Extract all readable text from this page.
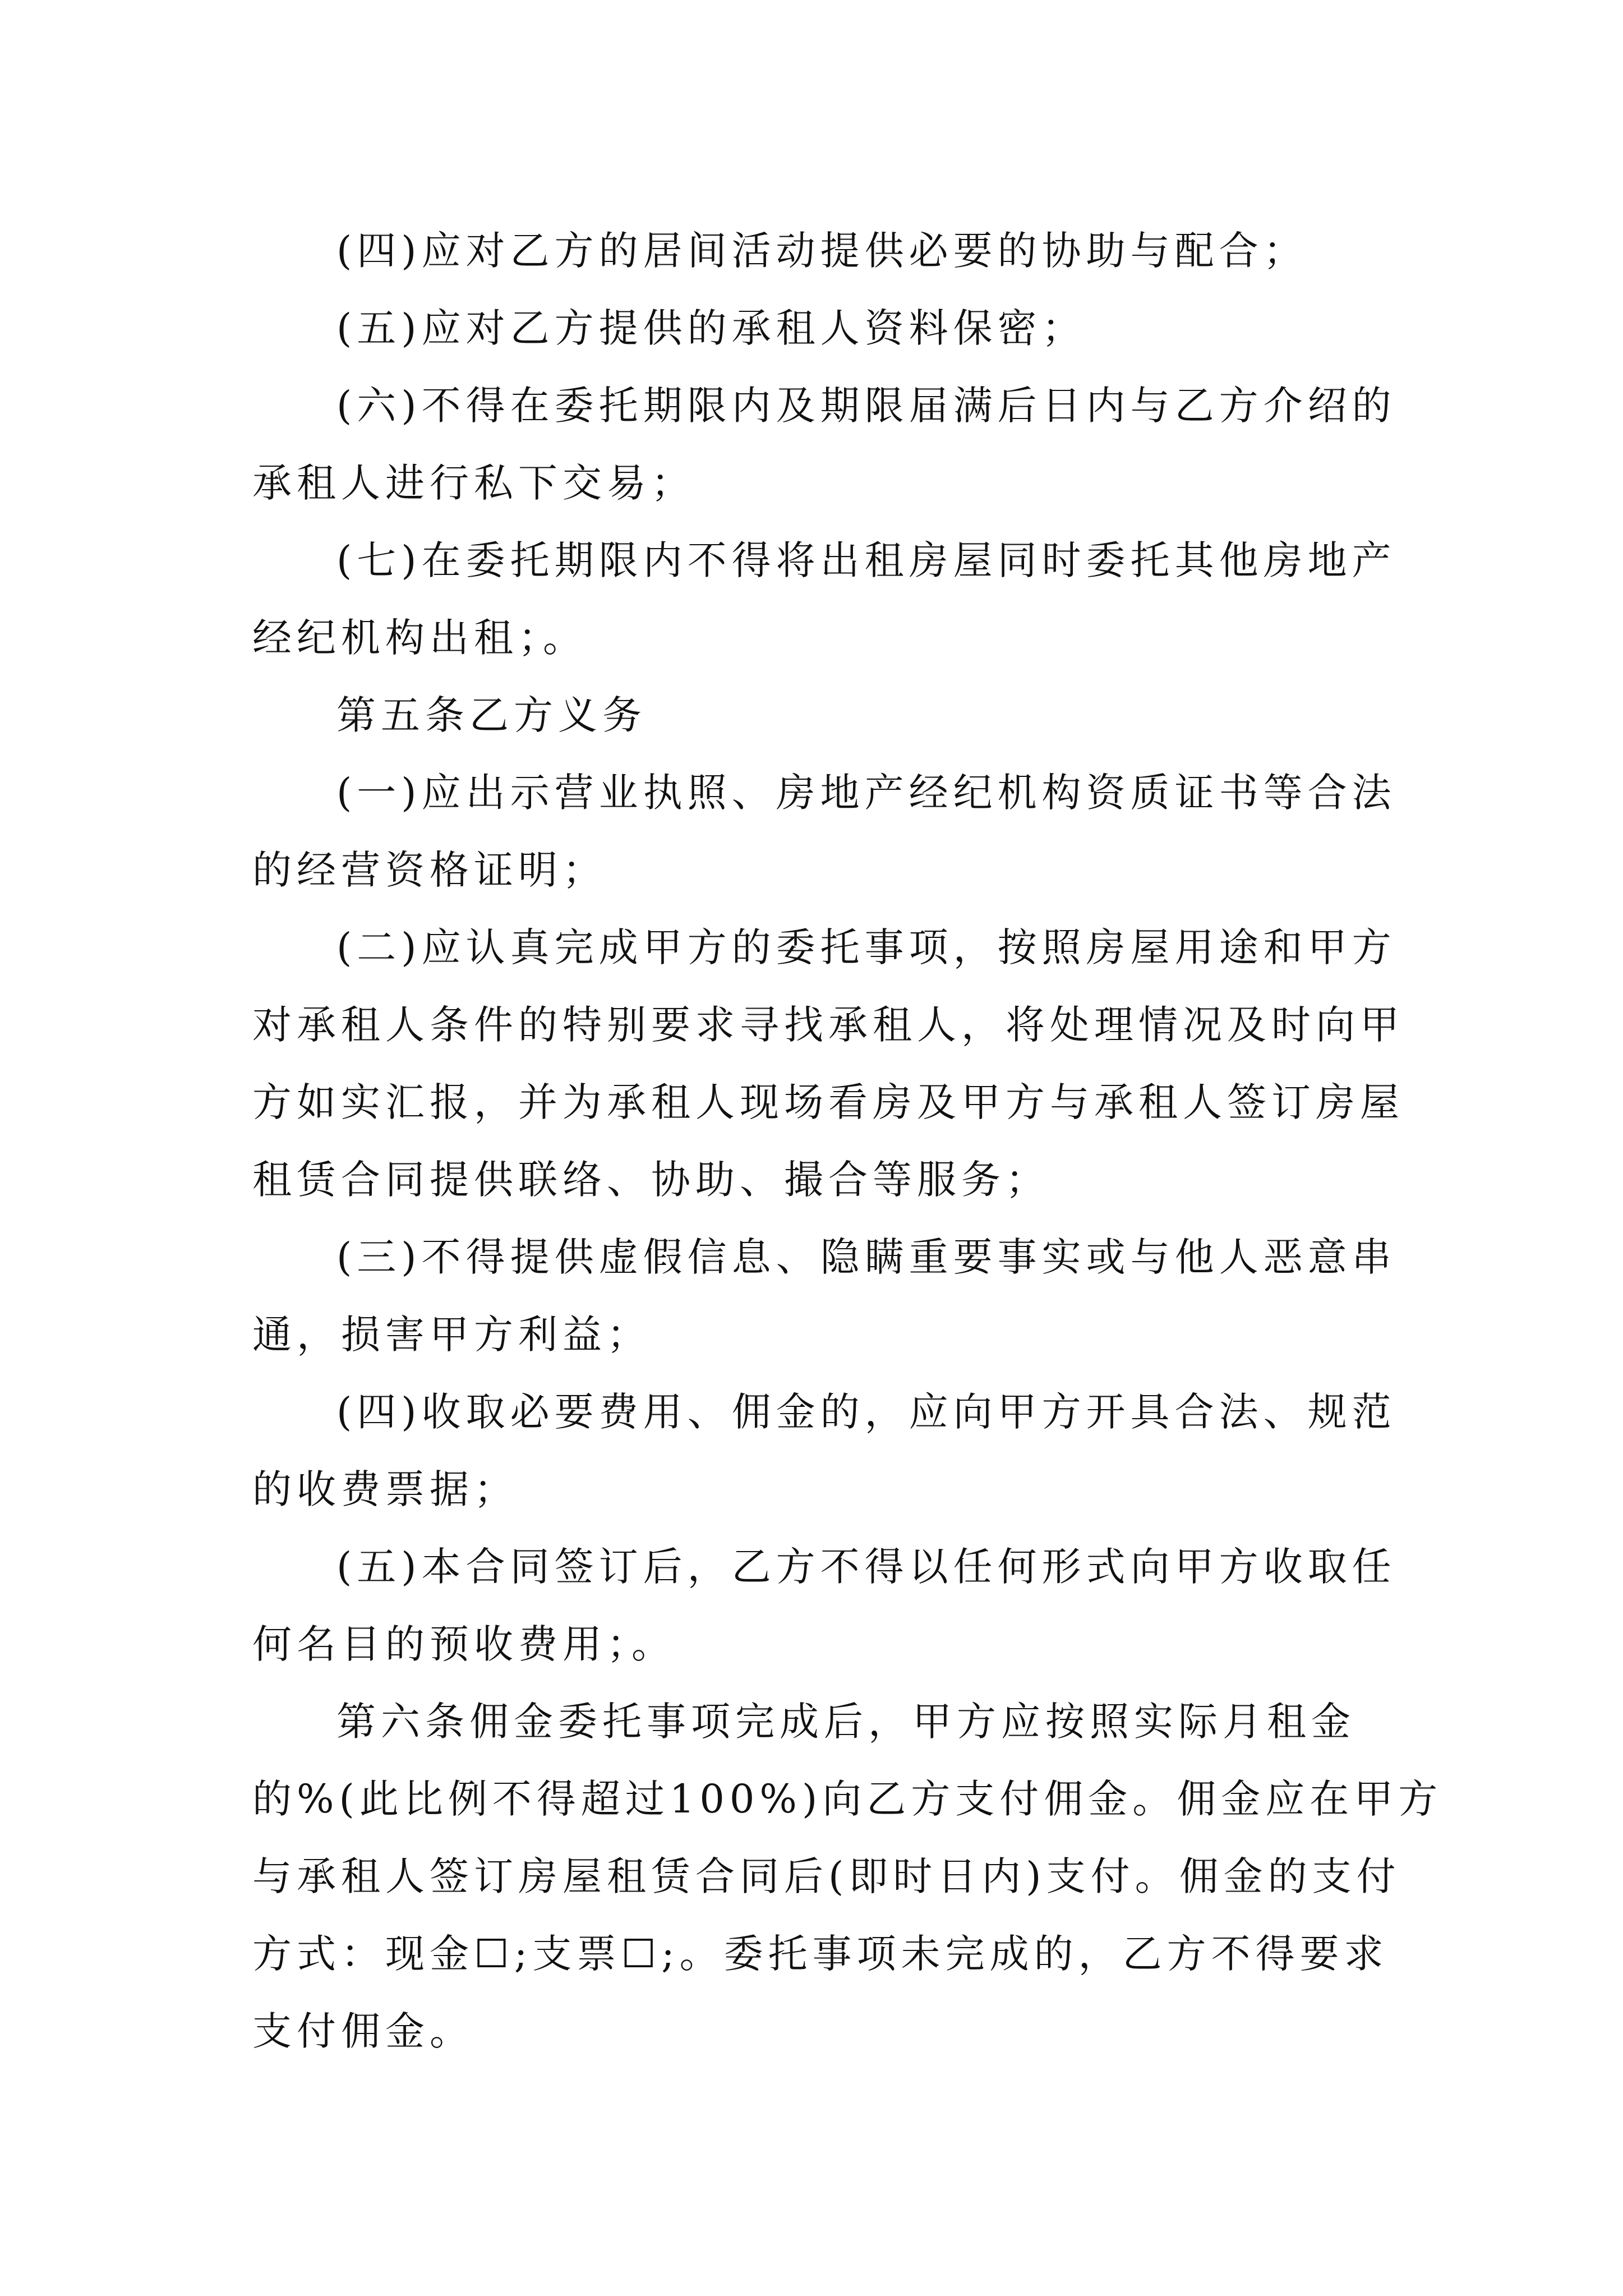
(四)应对乙方的居间活动提供必要的协助与配合；
(五)应对乙方提供的承租人资料保密；
(六)不得在委托期限内及期限届满后日内与乙方介绍的
承租人进行私下交易；
(七)在委托期限内不得将出租房屋同时委托其他房地产
经纪机构出租；。
第五条乙方义务
(一)应出示营业执照、房地产经纪机构资质证书等合法
的经营资格证明；
(二)应认真完成甲方的委托事项，按照房屋用途和甲方
对承租人条件的特别要求寻找承租人，将处理情况及时向甲
方如实汇报，并为承租人现场看房及甲方与承租人签订房屋
租赁合同提供联络、协助、撮合等服务；
(三)不得提供虚假信息、隐瞒重要事实或与他人恶意串
通，损害甲方利益；
(四)收取必要费用、佣金的，应向甲方开具合法、规范
的收费票据；
(五)本合同签订后，乙方不得以任何形式向甲方收取任
何名目的预收费用；。
第六条佣金委托事项完成后，甲方应按照实际月租金
的%(此比例不得超过100%)向乙方支付佣金。佣金应在甲方
与承租人签订房屋租赁合同后(即时日内)支付。佣金的支付
方式：现金☐;支票☐;。委托事项未完成的，乙方不得要求
支付佣金。
